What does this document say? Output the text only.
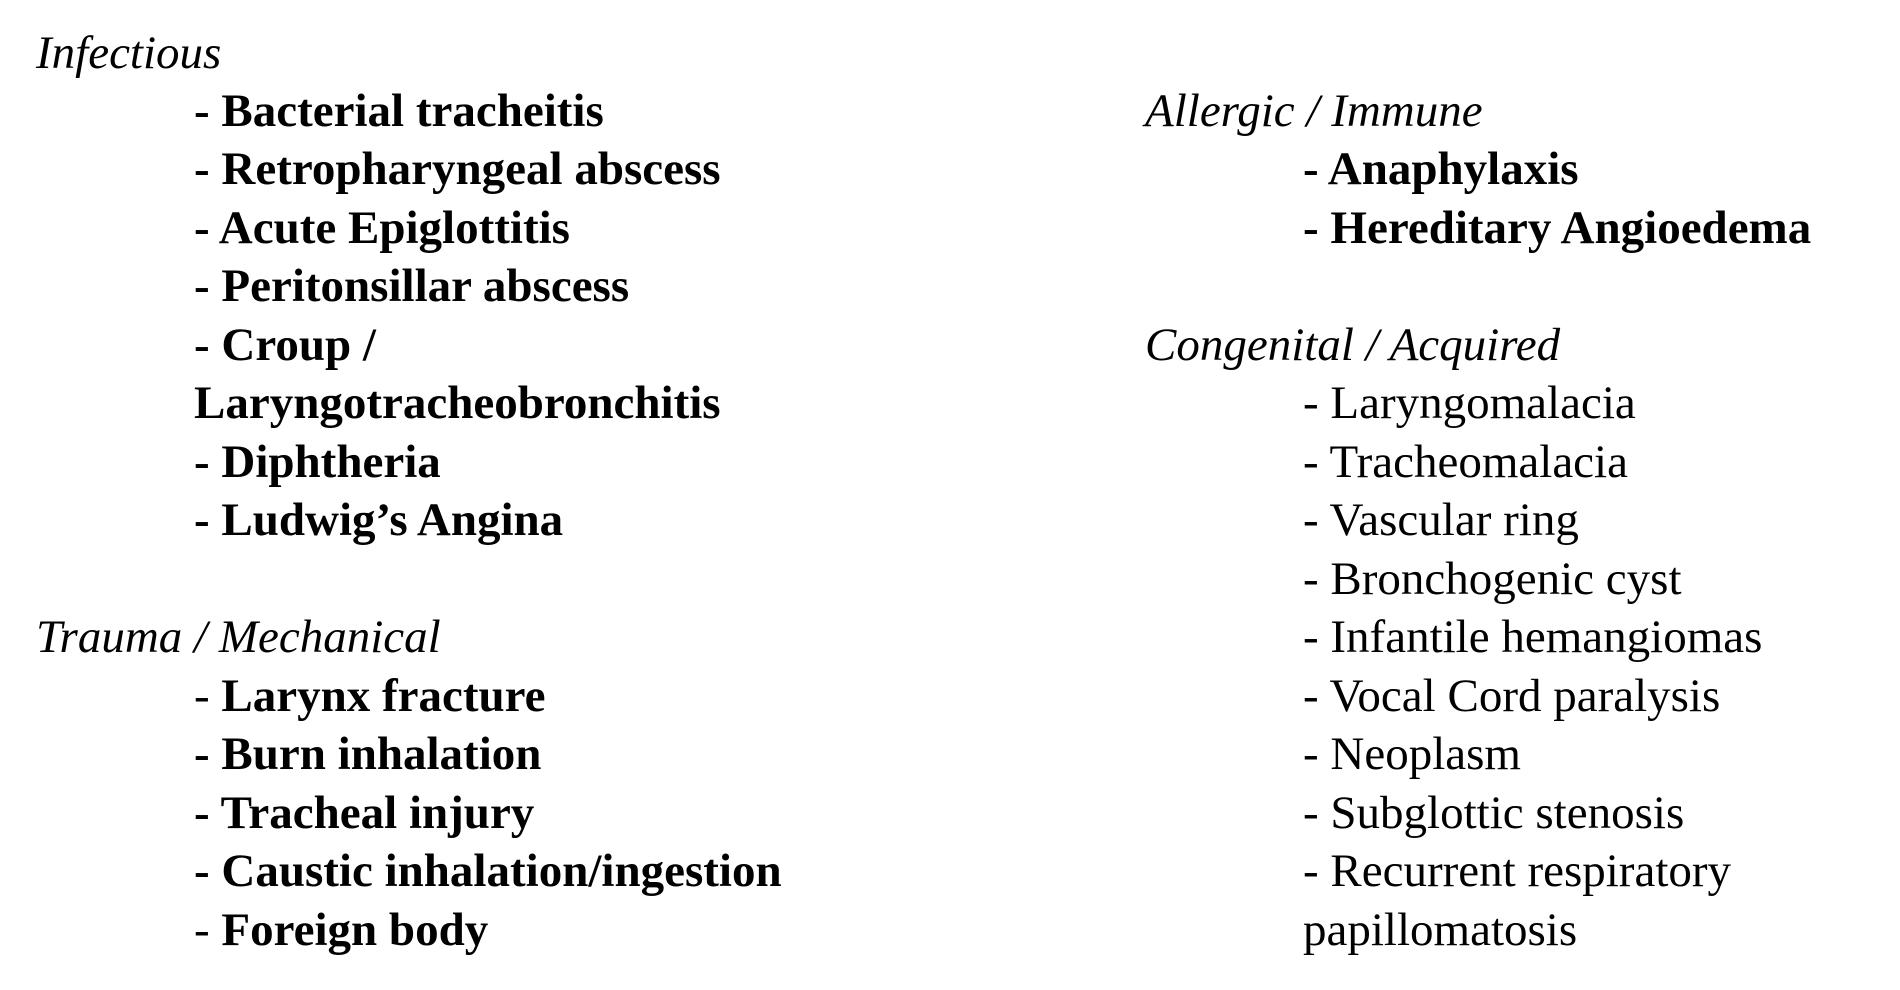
Infectious
- Bacterial tracheitis
- Retropharyngeal abscess
- Acute Epiglottitis
- Peritonsillar abscess
- Croup /
Laryngotracheobronchitis
- Diphtheria
- Ludwig’s Angina
Trauma / Mechanical
- Larynx fracture
- Burn inhalation
- Tracheal injury
- Caustic inhalation/ingestion
- Foreign body
Allergic / Immune
- Anaphylaxis
- Hereditary Angioedema
Congenital / Acquired
- Laryngomalacia
- Tracheomalacia
- Vascular ring
- Bronchogenic cyst
- Infantile hemangiomas
- Vocal Cord paralysis
- Neoplasm
- Subglottic stenosis
- Recurrent respiratory
papillomatosis
